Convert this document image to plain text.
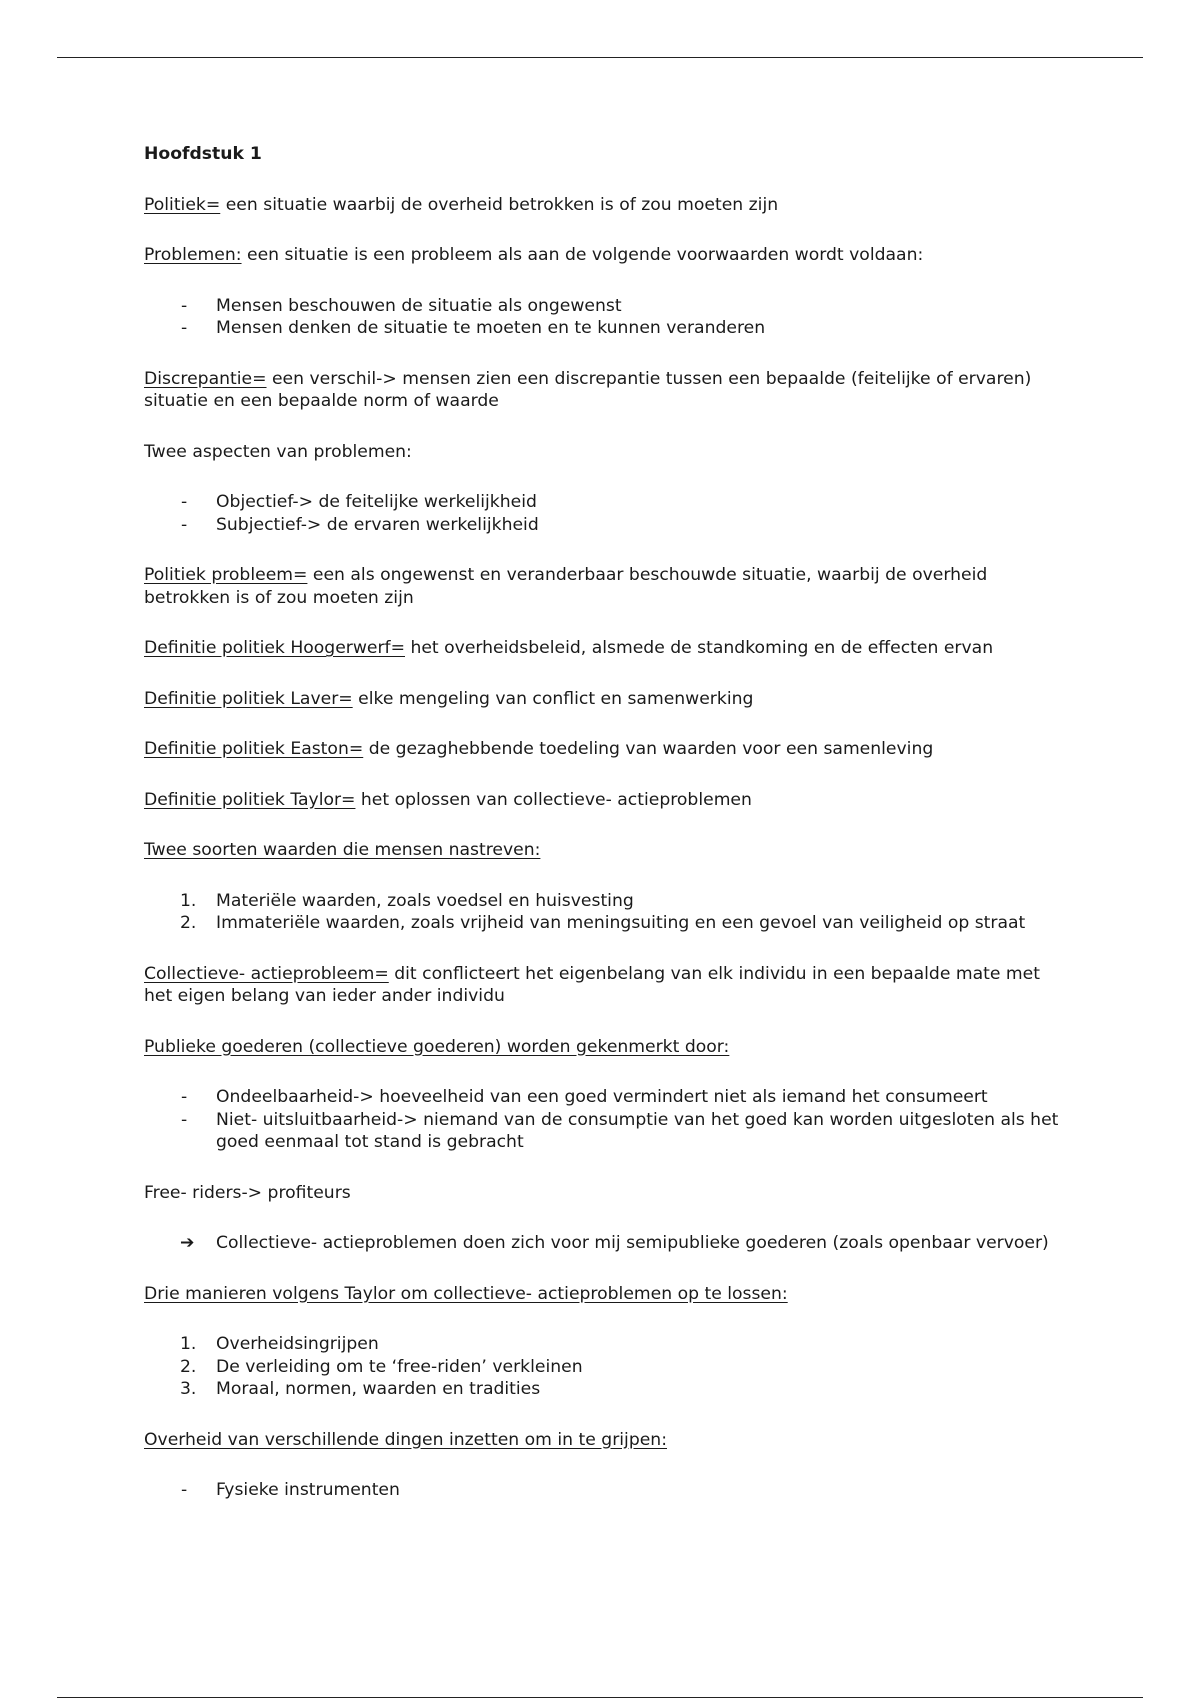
Hoofdstuk 1

Politiek= een situatie waarbij de overheid betrokken is of zou moeten zijn

Problemen: een situatie is een probleem als aan de volgende voorwaarden wordt voldaan:

- Mensen beschouwen de situatie als ongewenst
- Mensen denken de situatie te moeten en te kunnen veranderen

Discrepantie= een verschil-> mensen zien een discrepantie tussen een bepaalde (feitelijke of ervaren) situatie en een bepaalde norm of waarde

Twee aspecten van problemen:

- Objectief-> de feitelijke werkelijkheid
- Subjectief-> de ervaren werkelijkheid

Politiek probleem= een als ongewenst en veranderbaar beschouwde situatie, waarbij de overheid betrokken is of zou moeten zijn

Definitie politiek Hoogerwerf= het overheidsbeleid, alsmede de standkoming en de effecten ervan

Definitie politiek Laver= elke mengeling van conflict en samenwerking

Definitie politiek Easton= de gezaghebbende toedeling van waarden voor een samenleving

Definitie politiek Taylor= het oplossen van collectieve- actieproblemen

Twee soorten waarden die mensen nastreven:

1. Materiële waarden, zoals voedsel en huisvesting
2. Immateriële waarden, zoals vrijheid van meningsuiting en een gevoel van veiligheid op straat

Collectieve- actieprobleem= dit conflicteert het eigenbelang van elk individu in een bepaalde mate met het eigen belang van ieder ander individu

Publieke goederen (collectieve goederen) worden gekenmerkt door:

- Ondeelbaarheid-> hoeveelheid van een goed vermindert niet als iemand het consumeert
- Niet- uitsluitbaarheid-> niemand van de consumptie van het goed kan worden uitgesloten als het goed eenmaal tot stand is gebracht

Free- riders-> profiteurs

➔ Collectieve- actieproblemen doen zich voor mij semipublieke goederen (zoals openbaar vervoer)

Drie manieren volgens Taylor om collectieve- actieproblemen op te lossen:

1. Overheidsingrijpen
2. De verleiding om te ‘free-riden’ verkleinen
3. Moraal, normen, waarden en tradities

Overheid van verschillende dingen inzetten om in te grijpen:

- Fysieke instrumenten
